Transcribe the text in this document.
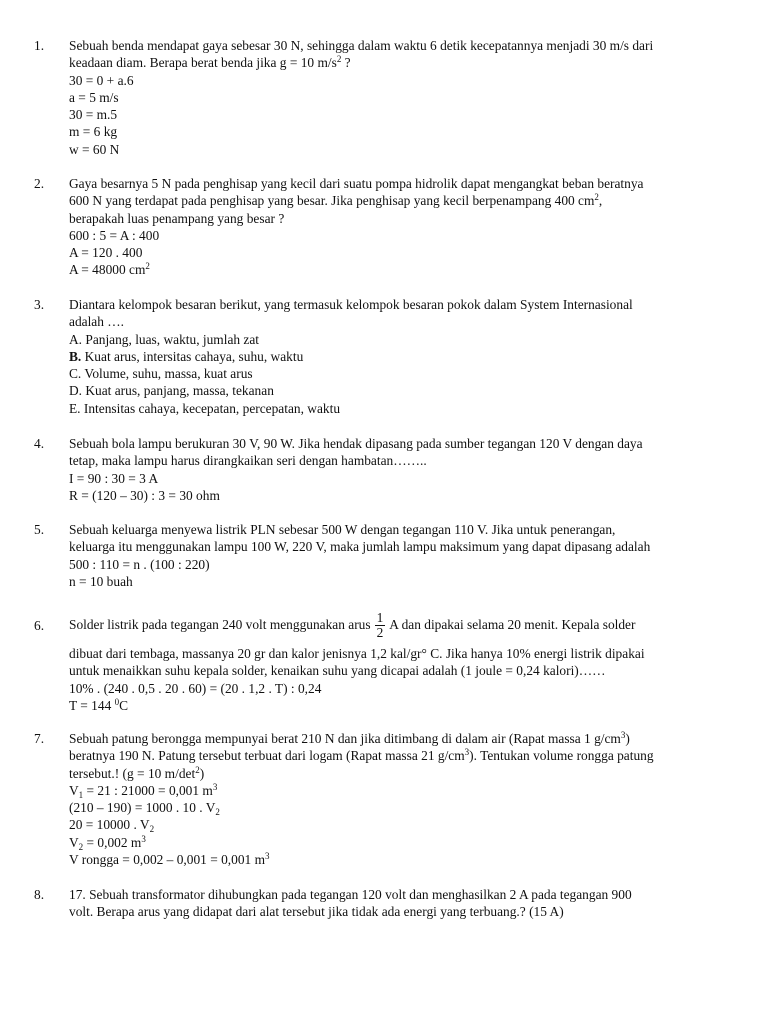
1. Sebuah benda mendapat gaya sebesar 30 N, sehingga dalam waktu 6 detik kecepatannya menjadi 30 m/s dari
keadaan diam. Berapa berat benda jika g = 10 $m/s^2$ ?
30 = 0 + a.6
a = 5 m/s
30 = m.5
m = 6 kg
w = 60 N
2. Gaya besarnya 5 N pada penghisap yang kecil dari suatu pompa hidrolik dapat mengangkat beban beratnya
600 N yang terdapat pada penghisap yang besar. Jika penghisap yang kecil berpenampang 400 $cm^2$,
berapakah luas penampang yang besar ?
600 : 5 = A : 400
A = 120 . 400
A = 48000 $cm^2$
3. Diantara kelompok besaran berikut, yang termasuk kelompok besaran pokok dalam System Internasional
adalah ….
A. Panjang, luas, waktu, jumlah zat
B. Kuat arus, intersitas cahaya, suhu, waktu
C. Volume, suhu, massa, kuat arus
D. Kuat arus, panjang, massa, tekanan
E. Intensitas cahaya, kecepatan, percepatan, waktu
4. Sebuah bola lampu berukuran 30 V, 90 W. Jika hendak dipasang pada sumber tegangan 120 V dengan daya
tetap, maka lampu harus dirangkaikan seri dengan hambatan……..
I = 90 : 30 = 3 A
R = (120 – 30) : 3 = 30 ohm
5. Sebuah keluarga menyewa listrik PLN sebesar 500 W dengan tegangan 110 V. Jika untuk penerangan,
keluarga itu menggunakan lampu 100 W, 220 V, maka jumlah lampu maksimum yang dapat dipasang adalah
500 : 110 = n . (100 : 220)
n = 10 buah
6. Solder listrik pada tegangan 240 volt menggunakan arus $\frac{1}{2}$ A dan dipakai selama 20 menit. Kepala solder
dibuat dari tembaga, massanya 20 gr dan kalor jenisnya 1,2 kal/gr° C. Jika hanya 10% energi listrik dipakai
untuk menaikkan suhu kepala solder, kenaikan suhu yang dicapai adalah (1 joule = 0,24 kalori)……
10% . (240 . 0,5 . 20 . 60) = (20 . 1,2 . T) : 0,24
T = 144 $^0$C
7. Sebuah patung berongga mempunyai berat 210 N dan jika ditimbang di dalam air (Rapat massa 1 $g/cm^3$)
beratnya 190 N. Patung tersebut terbuat dari logam (Rapat massa 21 $g/cm^3$). Tentukan volume rongga patung
tersebut.! (g = 10 $m/\det^2$)
$V_1 = 21$ : 21000 = 0,001 $m^3$
(210 – 190) = 1000 . 10 . $V_2$
20 = 10000 . $V_2$
$V_2 = 0,002$ $m^3$
V rongga = 0,002 – 0,001 = 0,001 $m^3$
8. 17. Sebuah transformator dihubungkan pada tegangan 120 volt dan menghasilkan 2 A pada tegangan 900
volt. Berapa arus yang didapat dari alat tersebut jika tidak ada energi yang terbuang.? (15 A)
